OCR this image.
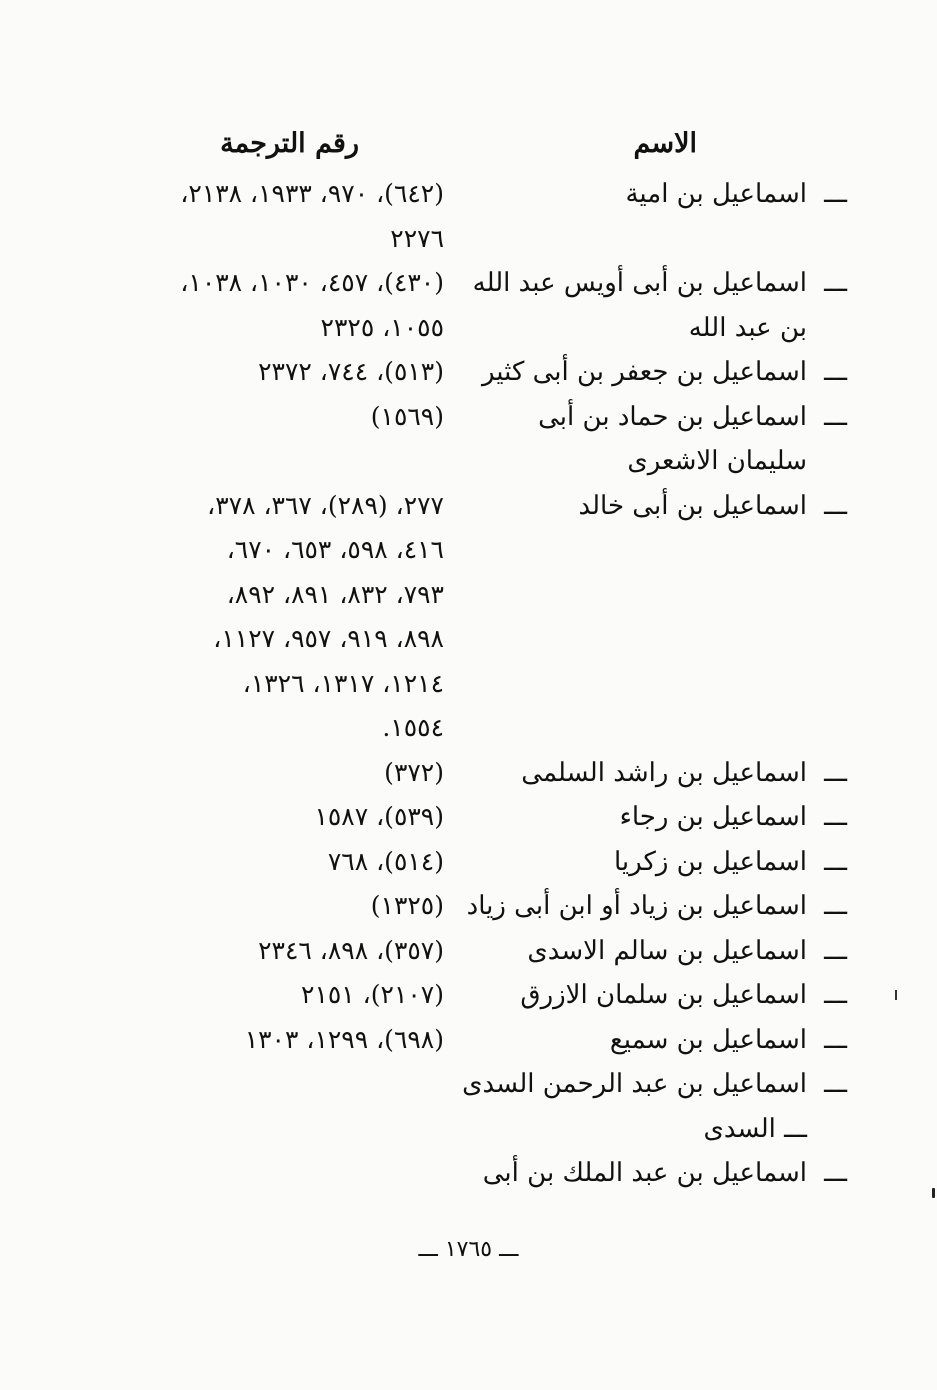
الاسم
رقم الترجمة
ـــاسماعيل بن امية
(٦٤٢)، ٩٧٠، ١٩٣٣، ٢١٣٨،
٢٢٧٦
ـــاسماعيل بن أبى أويس عبد الله بن عبد الله
(٤٣٠)، ٤٥٧، ١٠٣٠، ١٠٣٨،
١٠٥٥، ٢٣٢٥
ـــاسماعيل بن جعفر بن أبى كثير
(٥١٣)، ٧٤٤، ٢٣٧٢
ـــاسماعيل بن حماد بن أبى سليمان الاشعرى
(١٥٦٩)
ـــاسماعيل بن أبى خالد
٢٧٧، (٢٨٩)، ٣٦٧، ٣٧٨،
٤١٦، ٥٩٨، ٦٥٣، ٦٧٠،
٧٩٣، ٨٣٢، ٨٩١، ٨٩٢،
٨٩٨، ٩١٩، ٩٥٧، ١١٢٧،
١٢١٤، ١٣١٧، ١٣٢٦،
١٥٥٤.
ـــاسماعيل بن راشد السلمى
(٣٧٢)
ـــاسماعيل بن رجاء
(٥٣٩)، ١٥٨٧
ـــاسماعيل بن زكريا
(٥١٤)، ٧٦٨
ـــاسماعيل بن زياد أو ابن أبى زياد
(١٣٢٥)
ـــاسماعيل بن سالم الاسدى
(٣٥٧)، ٨٩٨، ٢٣٤٦
ـــاسماعيل بن سلمان الازرق
(٢١٠٧)، ٢١٥١
ـــاسماعيل بن سميع
(٦٩٨)، ١٢٩٩، ١٣٠٣
ـــاسماعيل بن عبد الرحمن السدى ـــ السدى
ـــاسماعيل بن عبد الملك بن أبى
ـــ ١٧٦٥ ـــ
